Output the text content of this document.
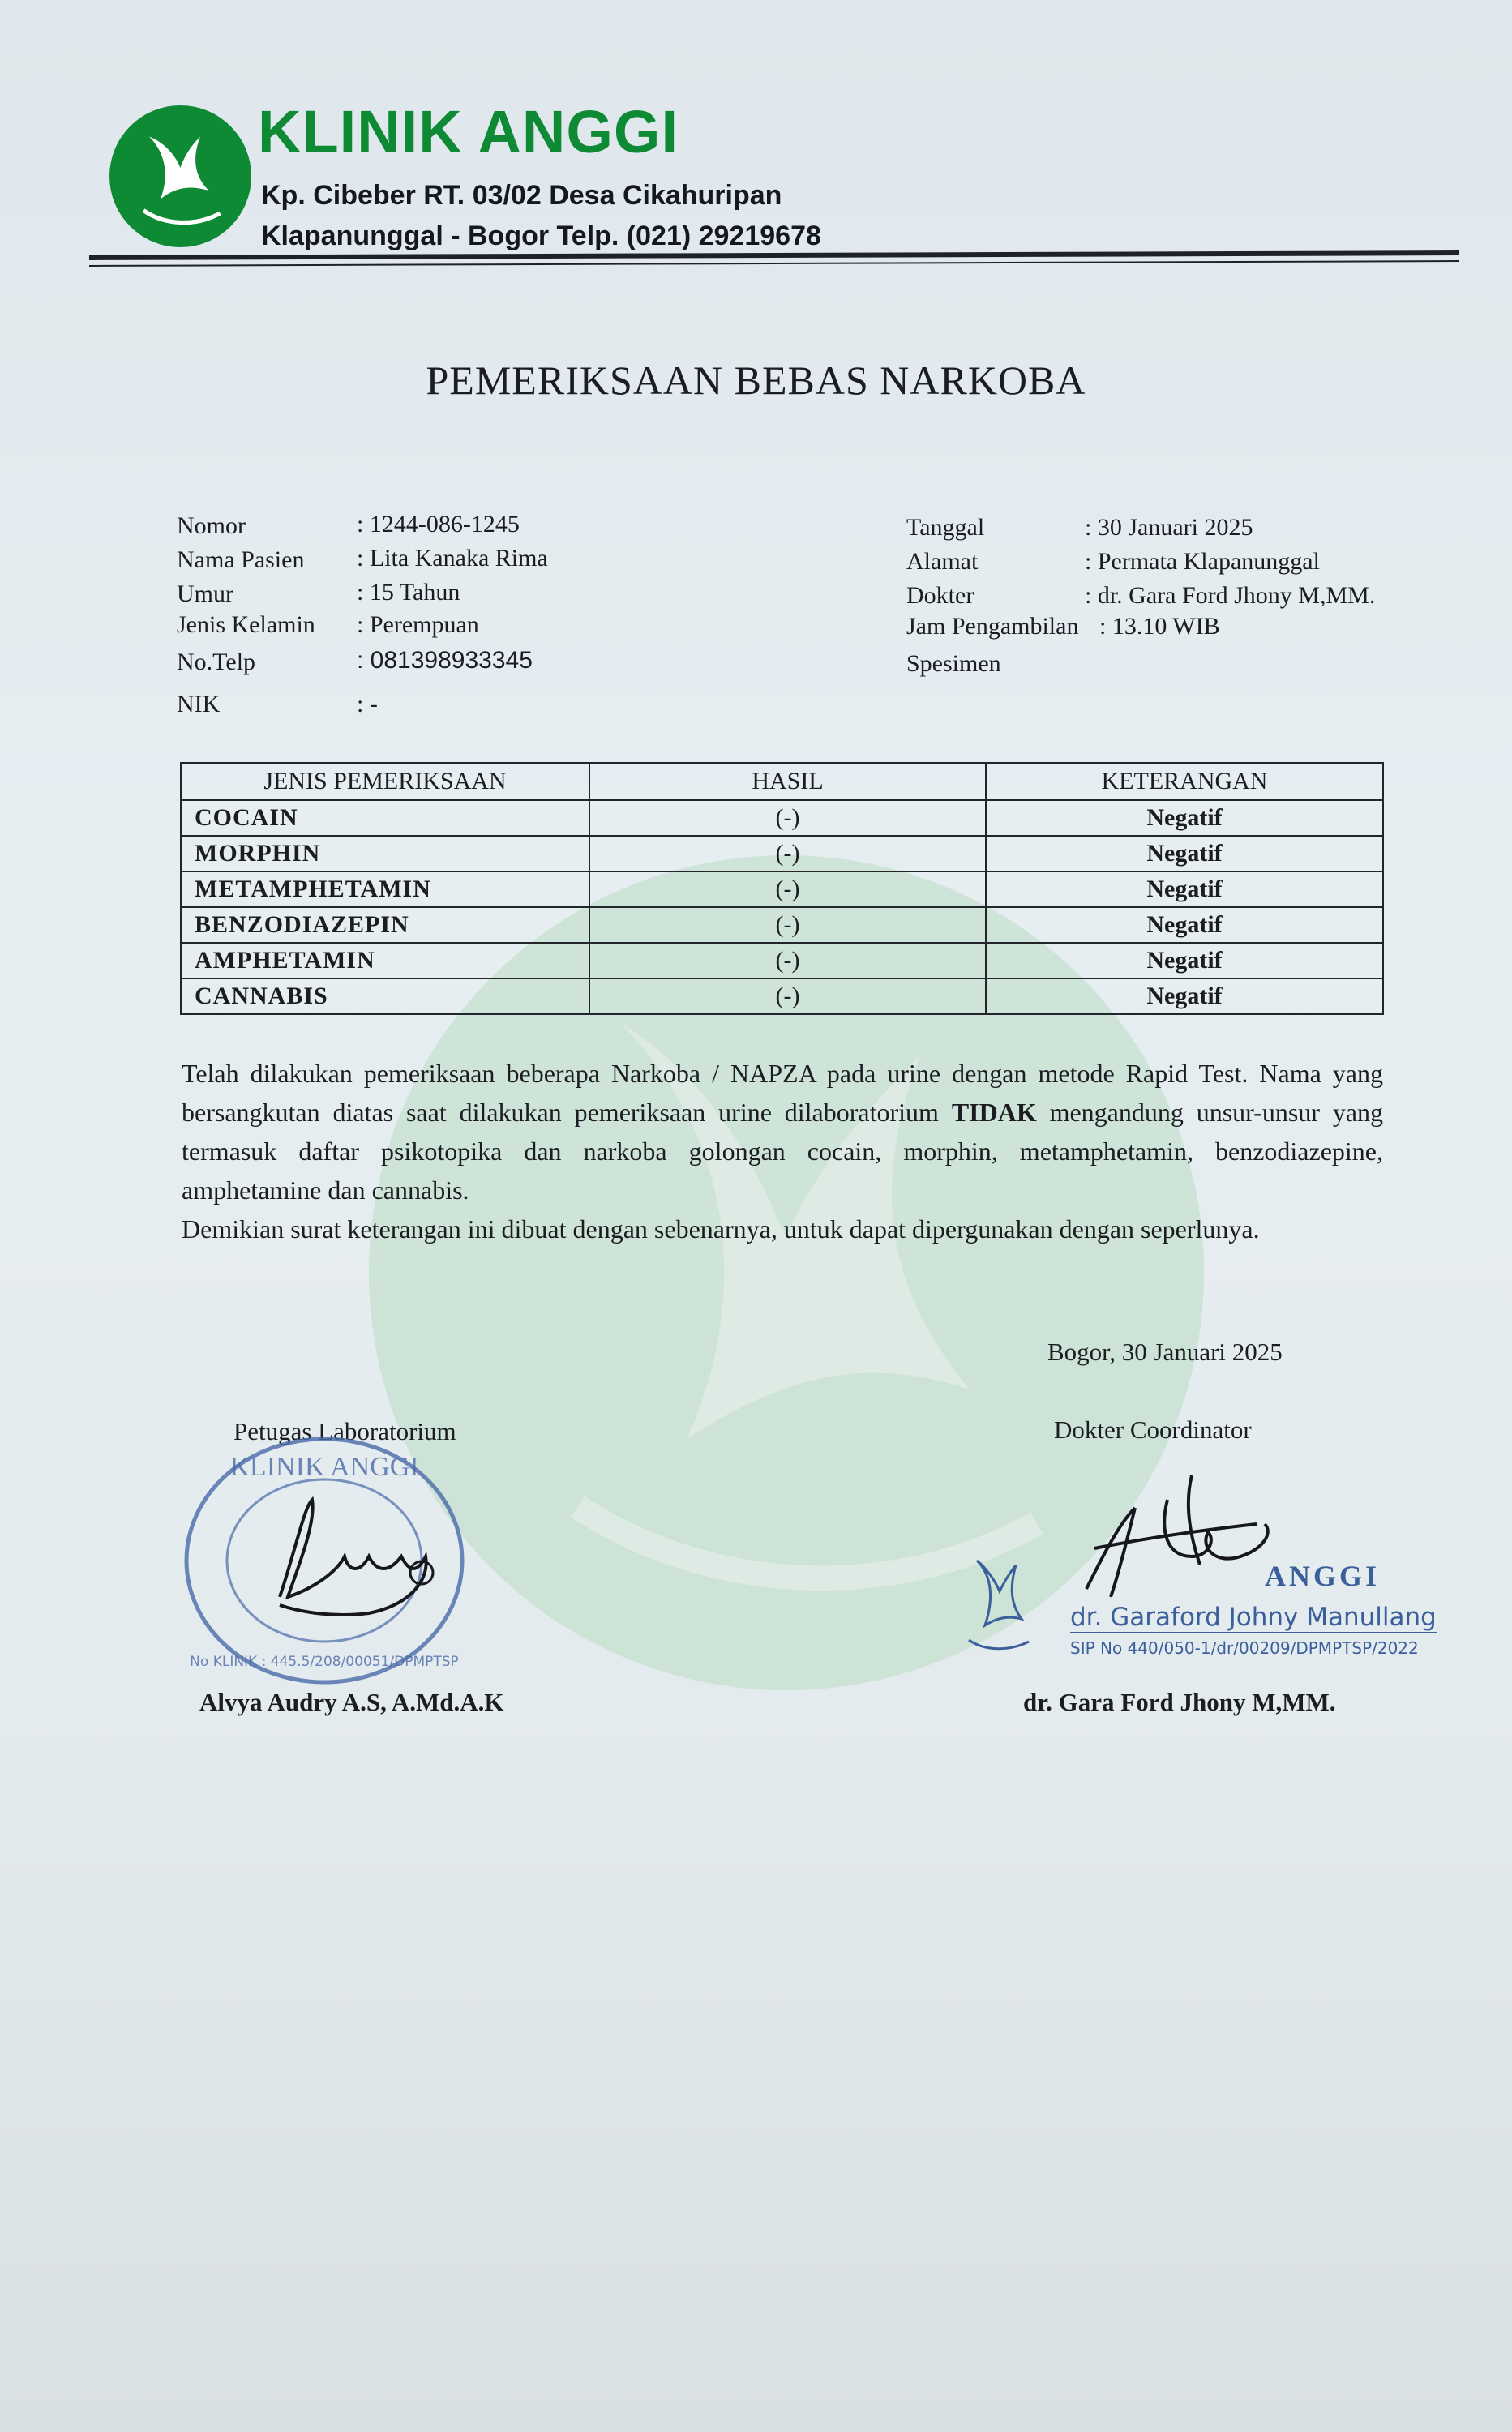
KLINIK ANGGI
Kp. Cibeber RT. 03/02 Desa Cikahuripan
Klapanunggal - Bogor Telp. (021) 29219678
PEMERIKSAAN BEBAS NARKOBA
Nomor	: 1244-086-1245
Nama Pasien : Lita Kanaka Rima
Umur	: 15 Tahun
Jenis Kelamin : Perempuan
No.Telp	: 081398933345
NIK	: -
Tanggal	: 30 Januari 2025
Alamat	: Permata Klapanunggal
Dokter	: dr. Gara Ford Jhony M,MM.
Jam Pengambilan : 13.10 WIB
Spesimen
JENIS PEMERIKSAAN	HASIL	KETERANGAN
COCAIN	(-)	Negatif
MORPHIN	(-)	Negatif
METAMPHETAMIN	(-)	Negatif
BENZODIAZEPIN	(-)	Negatif
AMPHETAMIN	(-)	Negatif
CANNABIS	(-)	Negatif

Telah dilakukan pemeriksaan beberapa Narkoba / NAPZA pada urine dengan metode Rapid Test. Nama yang bersangkutan diatas saat dilakukan pemeriksaan urine dilaboratorium TIDAK mengandung unsur-unsur yang termasuk daftar psikotopika dan narkoba golongan cocain, morphin, metamphetamin, benzodiazepine, amphetamine dan cannabis.

Demikian surat keterangan ini dibuat dengan sebenarnya, untuk dapat dipergunakan dengan seperlunya.

Bogor, 30 Januari 2025
Petugas Laboratorium	Dokter Coordinator
KLINIK ANGGI
No KLINIK : 445.5/208/00051/DPMPTSP
Alvya Audry A.S, A.Md.A.K
ANGGI
dr. Garaford Johny Manullang
SIP No 440/050-1/dr/00209/DPMPTSP/2022
dr. Gara Ford Jhony M,MM.
